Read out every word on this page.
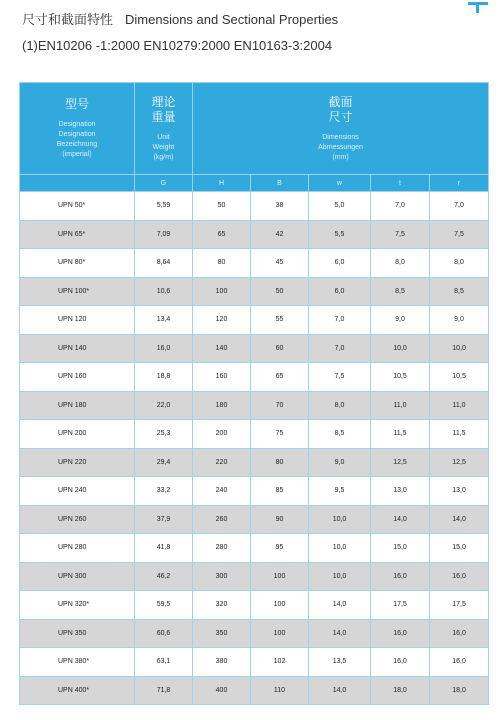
尺寸和截面特性 Dimensions and Sectional Properties
(1)EN10206 -1:2000 EN10279:2000 EN10163-3:2004
型号
Designation
Designation
Bezeichnung
(imperial)	理论
重量
Unit
Weight
(kg/m)	截面
尺寸
Dimensions
Abmessungen
(mm)				

	G	H	B	w	t	r
UPN 50*	5,59	50	38	5,0	7,0	7,0
UPN 65*	7,09	65	42	5,5	7,5	7,5
UPN 80*	8,64	80	45	6,0	8,0	8,0
UPN 100*	10,6	100	50	6,0	8,5	8,5
UPN 120	13,4	120	55	7,0	9,0	9,0
UPN 140	16,0	140	60	7,0	10,0	10,0
UPN 160	18,8	160	65	7,5	10,5	10,5
UPN 180	22,0	180	70	8,0	11,0	11,0
UPN 200	25,3	200	75	8,5	11,5	11,5
UPN 220	29,4	220	80	9,0	12,5	12,5
UPN 240	33,2	240	85	9,5	13,0	13,0
UPN 260	37,9	260	90	10,0	14,0	14,0
UPN 280	41,8	280	95	10,0	15,0	15,0
UPN 300	46,2	300	100	10,0	16,0	16,0
UPN 320*	59,5	320	100	14,0	17,5	17,5
UPN 350	60,6	350	100	14,0	16,0	16,0
UPN 380*	63,1	380	102	13,5	16,0	16,0
UPN 400*	71,8	400	110	14,0	18,0	18,0
